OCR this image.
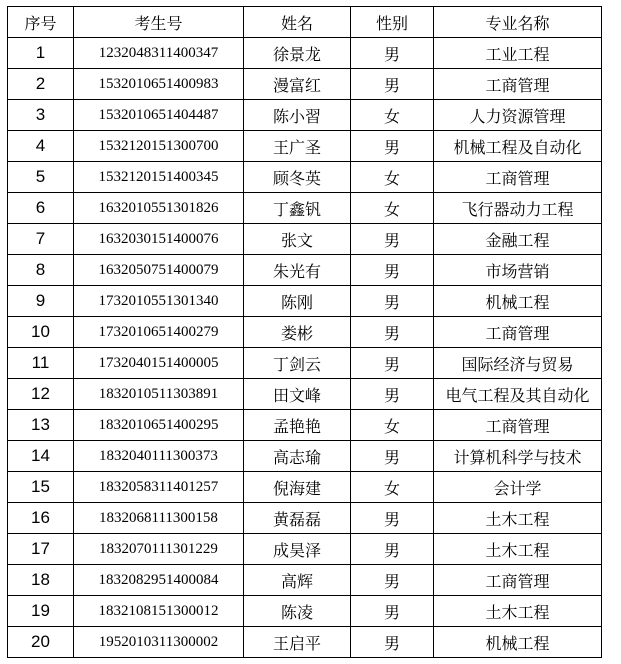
序号	考生号	姓名	性别	专业名称
1	1232048311400347	徐景龙	男	工业工程
2	1532010651400983	漫富红	男	工商管理
3	1532010651404487	陈小習	女	人力资源管理
4	1532120151300700	王广圣	男	机械工程及自动化
5	1532120151400345	顾冬英	女	工商管理
6	1632010551301826	丁鑫钒	女	飞行器动力工程
7	1632030151400076	张文	男	金融工程
8	1632050751400079	朱光有	男	市场营销
9	1732010551301340	陈刚	男	机械工程
10	1732010651400279	娄彬	男	工商管理
11	1732040151400005	丁剑云	男	国际经济与贸易
12	1832010511303891	田文峰	男	电气工程及其自动化
13	1832010651400295	孟艳艳	女	工商管理
14	1832040111300373	高志瑜	男	计算机科学与技术
15	1832058311401257	倪海建	女	会计学
16	1832068111300158	黄磊磊	男	土木工程
17	1832070111301229	成昊泽	男	土木工程
18	1832082951400084	高辉	男	工商管理
19	1832108151300012	陈凌	男	土木工程
20	1952010311300002	王启平	男	机械工程
